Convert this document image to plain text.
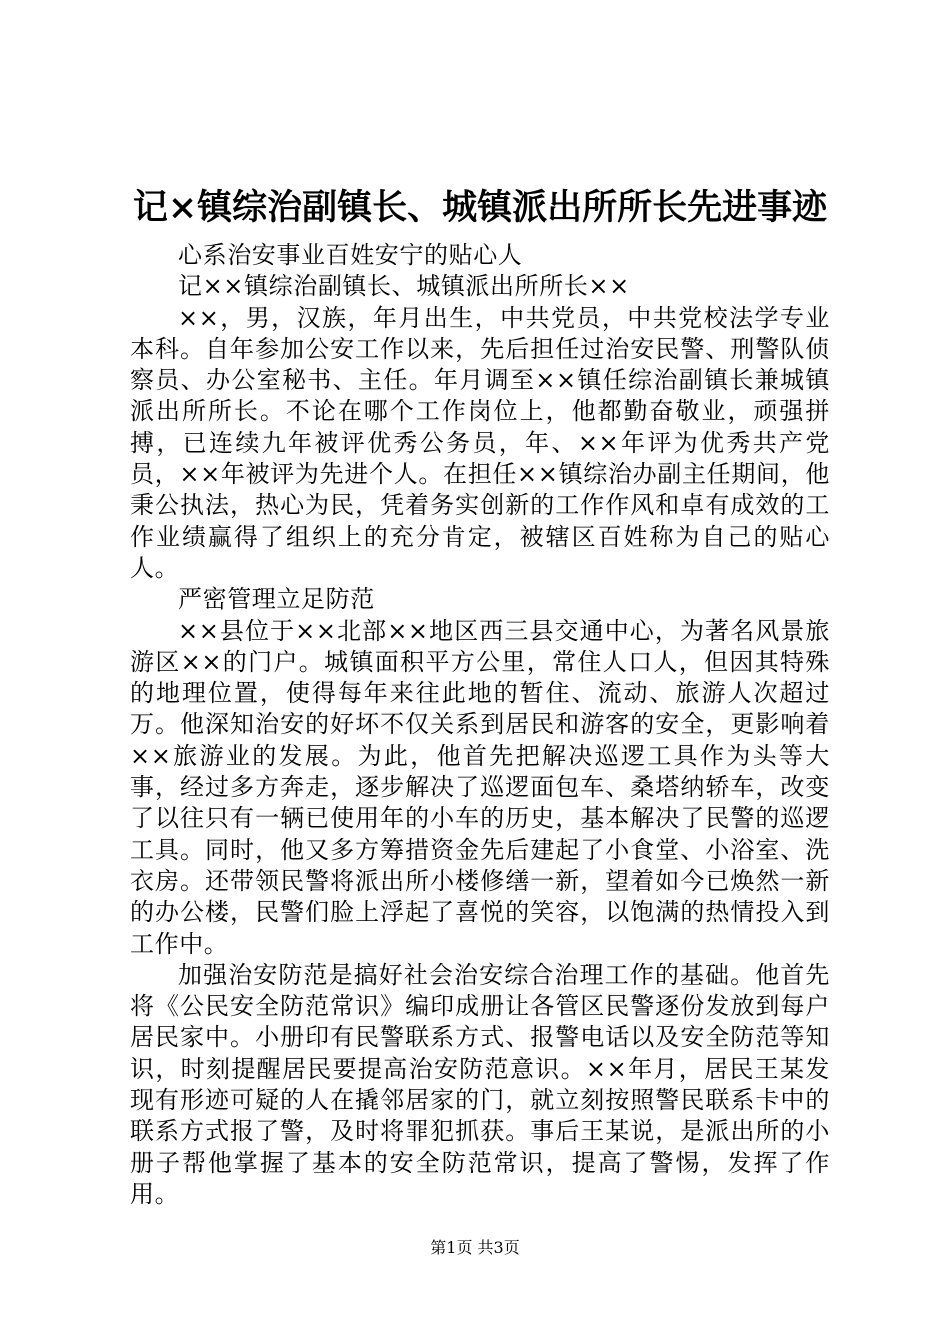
记×镇综治副镇长、城镇派出所所长先进事迹

心系治安事业百姓安宁的贴心人

记××镇综治副镇长、城镇派出所所长××

××，男，汉族，年月出生，中共党员，中共党校法学专业本科。自年参加公安工作以来，先后担任过治安民警、刑警队侦察员、办公室秘书、主任。年月调至××镇任综治副镇长兼城镇派出所所长。不论在哪个工作岗位上，他都勤奋敬业，顽强拼搏，已连续九年被评优秀公务员，年、××年评为优秀共产党员，××年被评为先进个人。在担任××镇综治办副主任期间，他秉公执法，热心为民，凭着务实创新的工作作风和卓有成效的工作业绩赢得了组织上的充分肯定，被辖区百姓称为自己的贴心人。

严密管理立足防范

××县位于××北部××地区西三县交通中心，为著名风景旅游区××的门户。城镇面积平方公里，常住人口人，但因其特殊的地理位置，使得每年来往此地的暂住、流动、旅游人次超过万。他深知治安的好坏不仅关系到居民和游客的安全，更影响着××旅游业的发展。为此，他首先把解决巡逻工具作为头等大事，经过多方奔走，逐步解决了巡逻面包车、桑塔纳轿车，改变了以往只有一辆已使用年的小车的历史，基本解决了民警的巡逻工具。同时，他又多方筹措资金先后建起了小食堂、小浴室、洗衣房。还带领民警将派出所小楼修缮一新，望着如今已焕然一新的办公楼，民警们脸上浮起了喜悦的笑容，以饱满的热情投入到工作中。

加强治安防范是搞好社会治安综合治理工作的基础。他首先将《公民安全防范常识》编印成册让各管区民警逐份发放到每户居民家中。小册印有民警联系方式、报警电话以及安全防范等知识，时刻提醒居民要提高治安防范意识。××年月，居民王某发现有形迹可疑的人在撬邻居家的门，就立刻按照警民联系卡中的联系方式报了警，及时将罪犯抓获。事后王某说，是派出所的小册子帮他掌握了基本的安全防范常识，提高了警惕，发挥了作用。

第1页 共3页
